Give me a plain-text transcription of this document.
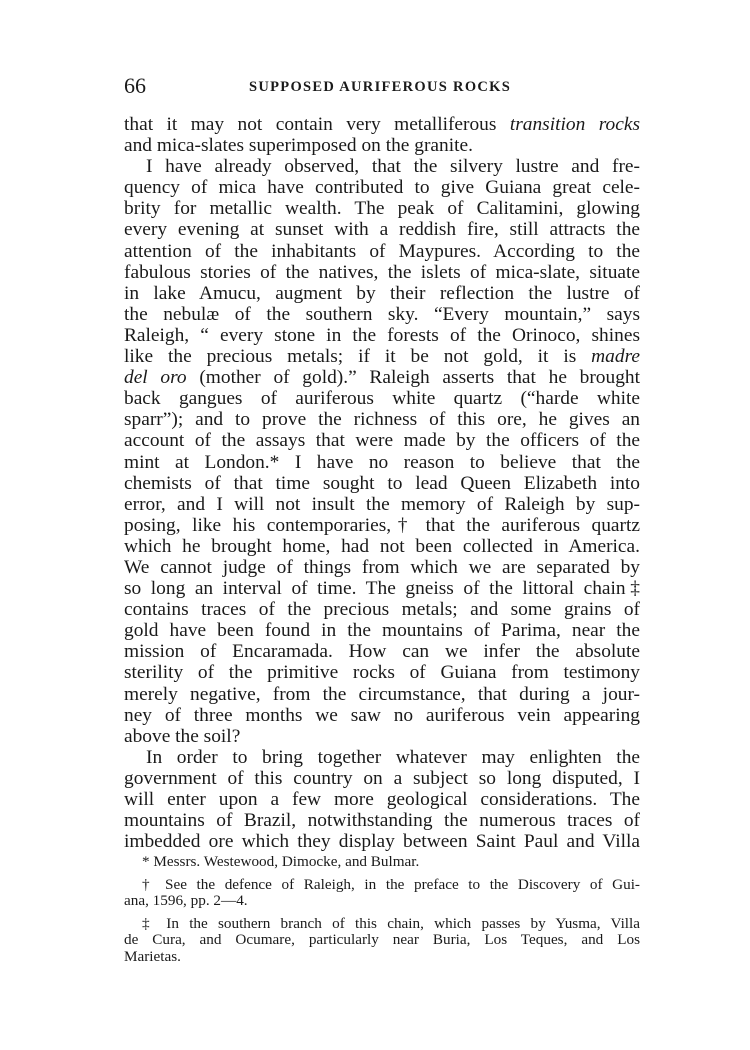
66	SUPPOSED AURIFEROUS ROCKS
that it may not contain very metalliferous transition rocks
and mica-slates superimposed on the granite.
I have already observed, that the silvery lustre and fre-
quency of mica have contributed to give Guiana great cele-
brity for metallic wealth. The peak of Calitamini, glowing
every evening at sunset with a reddish fire, still attracts the
attention of the inhabitants of Maypures. According to the
fabulous stories of the natives, the islets of mica-slate, situate
in lake Amucu, augment by their reflection the lustre of
the nebulæ of the southern sky. “Every mountain,” says
Raleigh, “ every stone in the forests of the Orinoco, shines
like the precious metals; if it be not gold, it is madre
del oro (mother of gold).” Raleigh asserts that he brought
back gangues of auriferous white quartz (“harde white
sparr”); and to prove the richness of this ore, he gives an
account of the assays that were made by the officers of the
mint at London.* I have no reason to believe that the
chemists of that time sought to lead Queen Elizabeth into
error, and I will not insult the memory of Raleigh by sup-
posing, like his contemporaries,† that the auriferous quartz
which he brought home, had not been collected in America.
We cannot judge of things from which we are separated by
so long an interval of time. The gneiss of the littoral chain‡
contains traces of the precious metals; and some grains of
gold have been found in the mountains of Parima, near the
mission of Encaramada. How can we infer the absolute
sterility of the primitive rocks of Guiana from testimony
merely negative, from the circumstance, that during a jour-
ney of three months we saw no auriferous vein appearing
above the soil?
In order to bring together whatever may enlighten the
government of this country on a subject so long disputed, I
will enter upon a few more geological considerations. The
mountains of Brazil, notwithstanding the numerous traces of
imbedded ore which they display between Saint Paul and Villa
* Messrs. Westewood, Dimocke, and Bulmar.
† See the defence of Raleigh, in the preface to the Discovery of Gui-
ana, 1596, pp. 2—4.
‡ In the southern branch of this chain, which passes by Yusma, Villa
de Cura, and Ocumare, particularly near Buria, Los Teques, and Los
Marietas.
